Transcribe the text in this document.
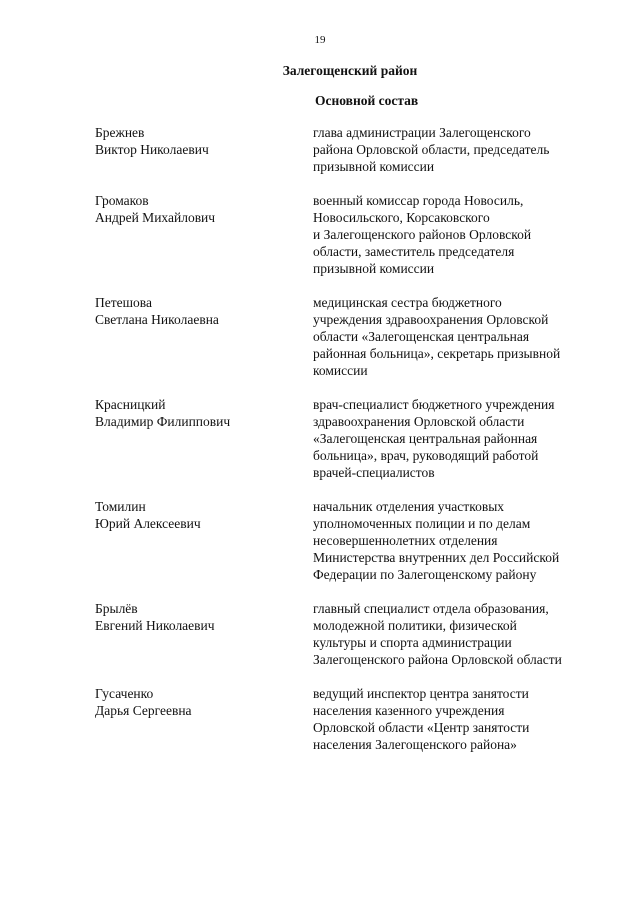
19
Залегощенский район
Основной состав
Брежнев
Виктор Николаевич
глава администрации Залегощенского
района Орловской области, председатель
призывной комиссии
Громаков
Андрей Михайлович
военный комиссар города Новосиль,
Новосильского, Корсаковского
и Залегощенского районов Орловской
области, заместитель председателя
призывной комиссии
Петешова
Светлана Николаевна
медицинская сестра бюджетного
учреждения здравоохранения Орловской
области «Залегощенская центральная
районная больница», секретарь призывной
комиссии
Красницкий
Владимир Филиппович
врач-специалист бюджетного учреждения
здравоохранения Орловской области
«Залегощенская центральная районная
больница», врач, руководящий работой
врачей-специалистов
Томилин
Юрий Алексеевич
начальник отделения участковых
уполномоченных полиции и по делам
несовершеннолетних отделения
Министерства внутренних дел Российской
Федерации по Залегощенскому району
Брылёв
Евгений Николаевич
главный специалист отдела образования,
молодежной политики, физической
культуры и спорта администрации
Залегощенского района Орловской области
Гусаченко
Дарья Сергеевна
ведущий инспектор центра занятости
населения казенного учреждения
Орловской области «Центр занятости
населения Залегощенского района»
